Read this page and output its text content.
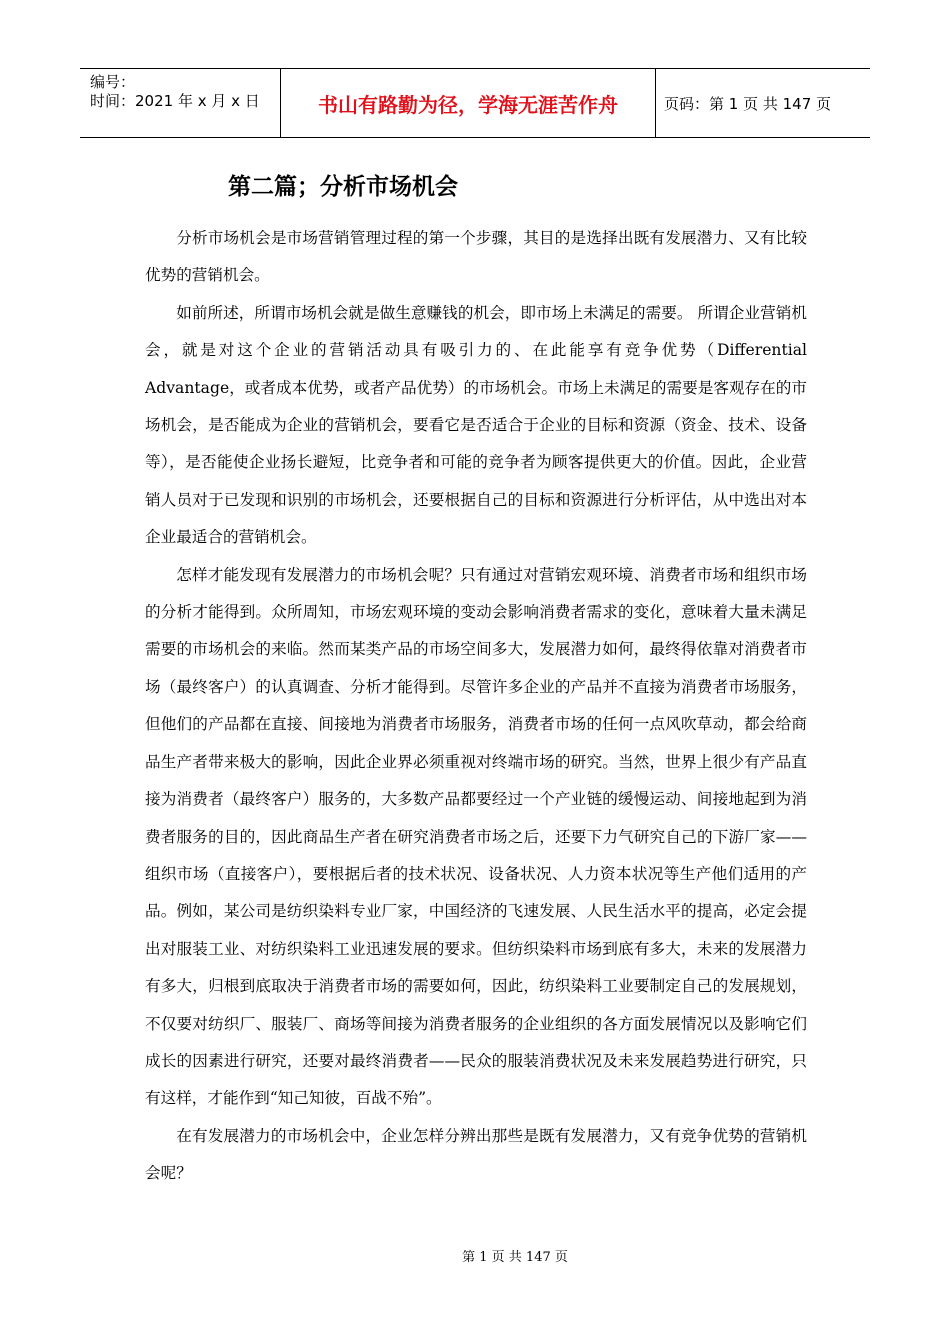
编号：
时间：2021 年 x 月 x 日	书山有路勤为径，学海无涯苦作舟	页码：第 1 页 共 147 页
第二篇；分析市场机会

分析市场机会是市场营销管理过程的第一个步骤，其目的是选择出既有发展潜力、又有比较优势的营销机会。

如前所述，所谓市场机会就是做生意赚钱的机会，即市场上未满足的需要。 所谓企业营销机会，就是对这个企业的营销活动具有吸引力的、在此能享有竞争优势（Differential Advantage，或者成本优势，或者产品优势）的市场机会。市场上未满足的需要是客观存在的市场机会，是否能成为企业的营销机会，要看它是否适合于企业的目标和资源（资金、技术、设备等），是否能使企业扬长避短，比竞争者和可能的竞争者为顾客提供更大的价值。因此，企业营销人员对于已发现和识别的市场机会，还要根据自己的目标和资源进行分析评估，从中选出对本企业最适合的营销机会。

怎样才能发现有发展潜力的市场机会呢？只有通过对营销宏观环境、消费者市场和组织市场的分析才能得到。众所周知，市场宏观环境的变动会影响消费者需求的变化，意味着大量未满足需要的市场机会的来临。然而某类产品的市场空间多大，发展潜力如何，最终得依靠对消费者市场（最终客户）的认真调查、分析才能得到。尽管许多企业的产品并不直接为消费者市场服务，但他们的产品都在直接、间接地为消费者市场服务，消费者市场的任何一点风吹草动，都会给商品生产者带来极大的影响，因此企业界必须重视对终端市场的研究。当然，世界上很少有产品直接为消费者（最终客户）服务的，大多数产品都要经过一个产业链的缓慢运动、间接地起到为消费者服务的目的，因此商品生产者在研究消费者市场之后，还要下力气研究自己的下游厂家——组织市场（直接客户），要根据后者的技术状况、设备状况、人力资本状况等生产他们适用的产品。例如，某公司是纺织染料专业厂家，中国经济的飞速发展、人民生活水平的提高，必定会提出对服装工业、对纺织染料工业迅速发展的要求。但纺织染料市场到底有多大，未来的发展潜力有多大，归根到底取决于消费者市场的需要如何，因此，纺织染料工业要制定自己的发展规划，不仅要对纺织厂、服装厂、商场等间接为消费者服务的企业组织的各方面发展情况以及影响它们成长的因素进行研究，还要对最终消费者——民众的服装消费状况及未来发展趋势进行研究，只有这样，才能作到“知己知彼，百战不殆”。

在有发展潜力的市场机会中，企业怎样分辨出那些是既有发展潜力，又有竞争优势的营销机会呢？

第 1 页 共 147 页
